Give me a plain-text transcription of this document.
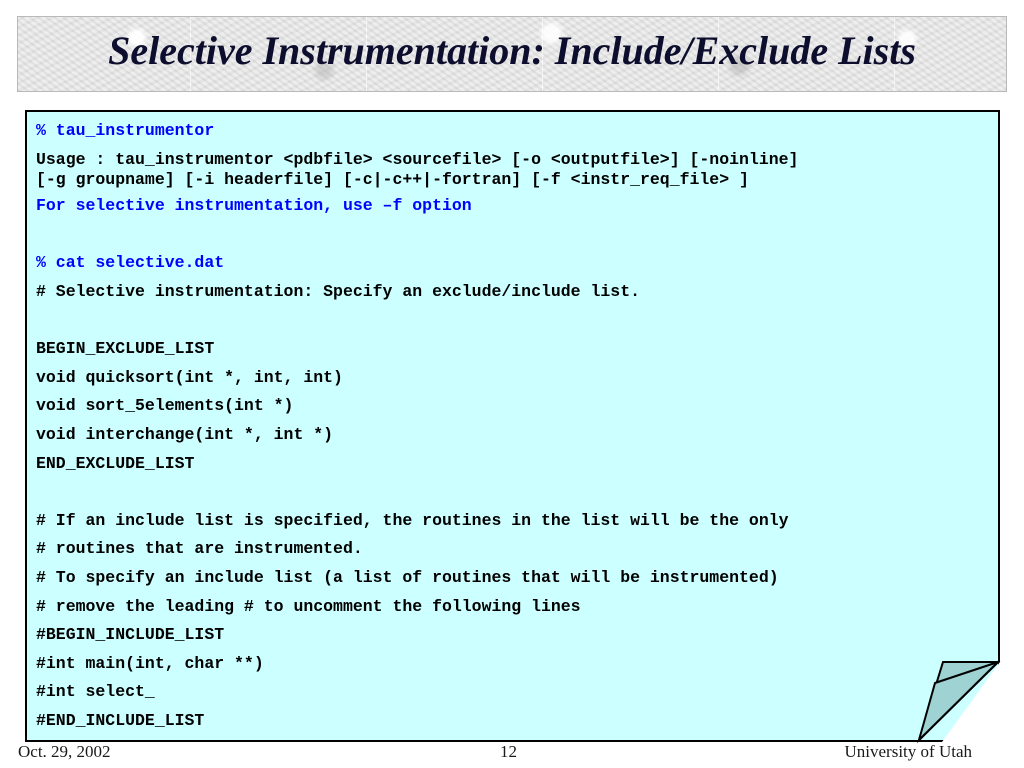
Selective Instrumentation: Include/Exclude Lists
% tau_instrumentor
Usage : tau_instrumentor <pdbfile> <sourcefile> [-o <outputfile>] [-noinline]
[-g groupname] [-i headerfile] [-c|-c++|-fortran] [-f <instr_req_file> ]
For selective instrumentation, use –f option

% cat selective.dat
# Selective instrumentation: Specify an exclude/include list.

BEGIN_EXCLUDE_LIST
void quicksort(int *, int, int)
void sort_5elements(int *)
void interchange(int *, int *)
END_EXCLUDE_LIST

# If an include list is specified, the routines in the list will be the only
# routines that are instrumented.
# To specify an include list (a list of routines that will be instrumented)
# remove the leading # to uncomment the following lines
#BEGIN_INCLUDE_LIST
#int main(int, char **)
#int select_
#END_INCLUDE_LIST
Oct. 29, 2002	12	University of Utah
